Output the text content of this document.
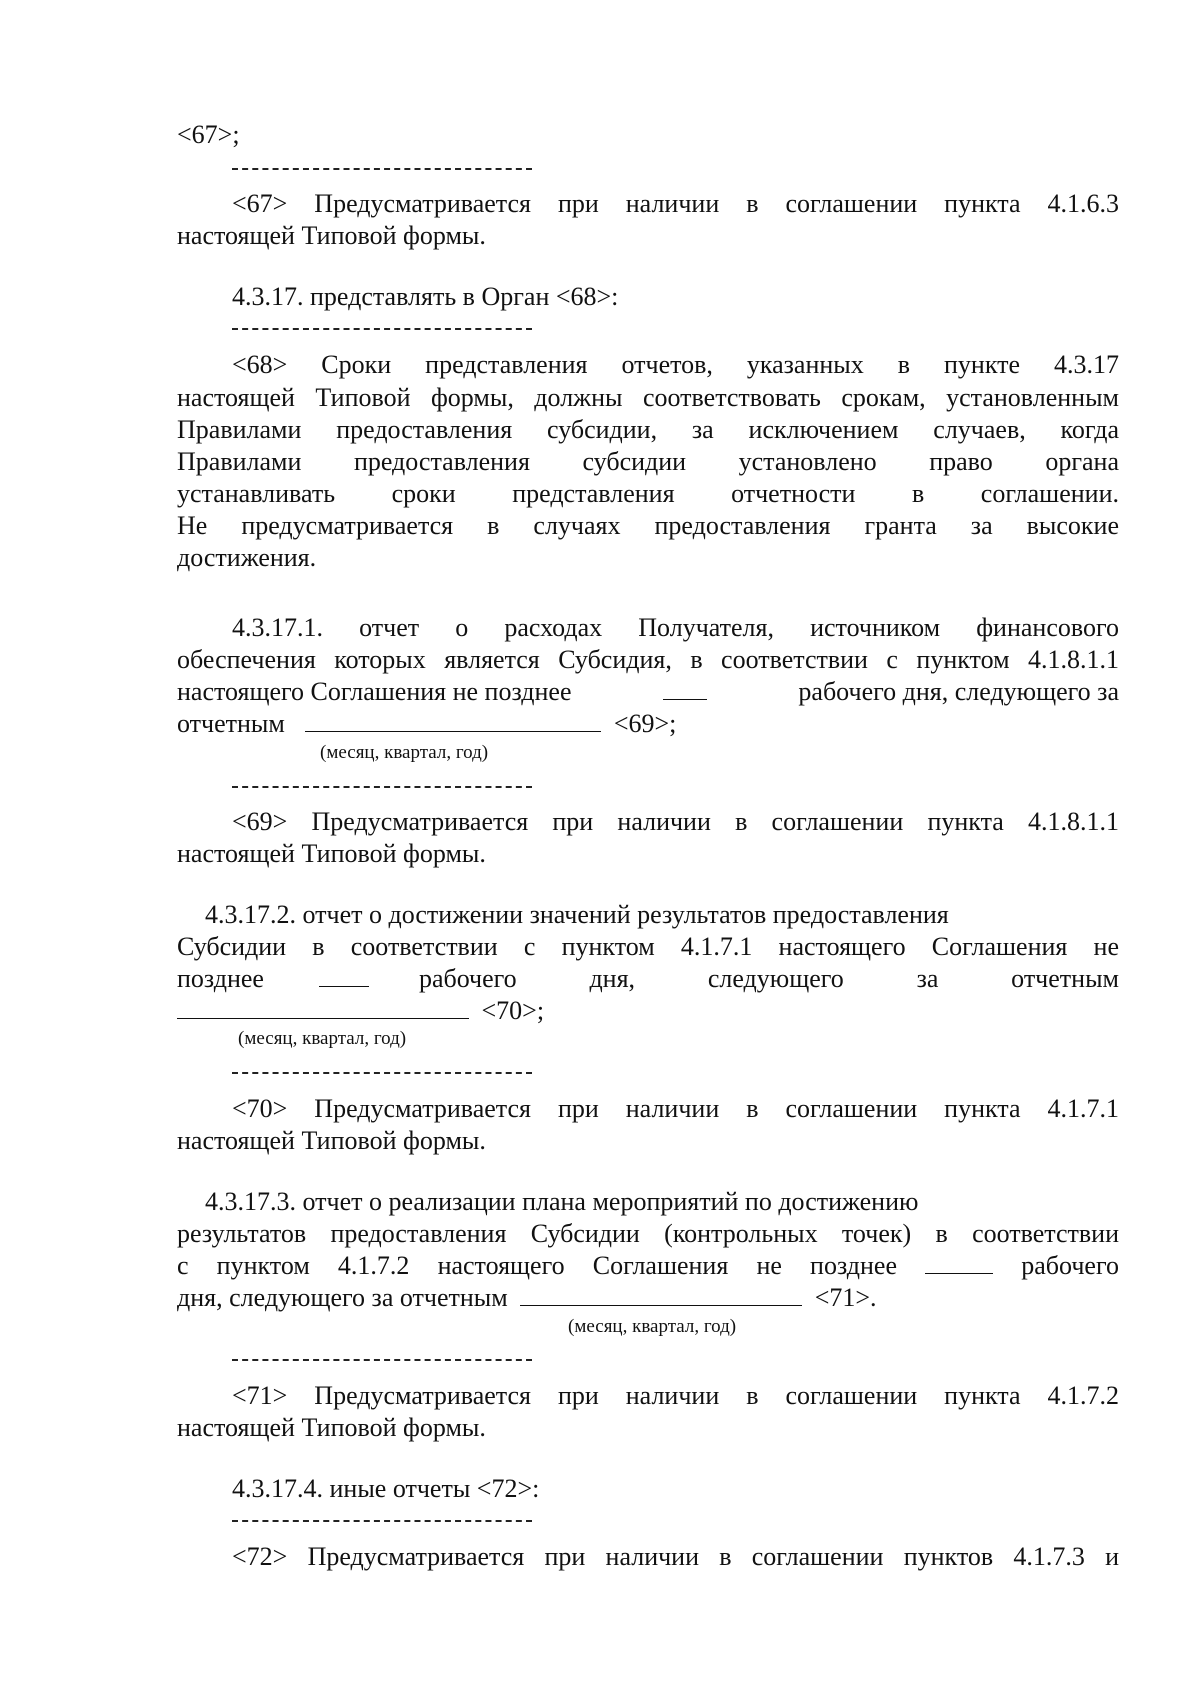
<67>;
<67> Предусматривается при наличии в соглашении пункта 4.1.6.3
настоящей Типовой формы.
4.3.17. представлять в Орган <68>:
<68> Сроки представления отчетов, указанных в пункте 4.3.17
настоящей Типовой формы, должны соответствовать срокам, установленным
Правилами предоставления субсидии, за исключением случаев, когда
Правилами предоставления субсидии установлено право органа
устанавливать сроки представления отчетности в соглашении.
Не предусматривается в случаях предоставления гранта за высокие
достижения.
4.3.17.1. отчет о расходах Получателя, источником финансового
обеспечения которых является Субсидия, в соответствии с пунктом 4.1.8.1.1
настоящего Соглашения не позднее	рабочего дня, следующего за
отчетным	<69>;
(месяц, квартал, год)
<69> Предусматривается при наличии в соглашении пункта 4.1.8.1.1
настоящей Типовой формы.
4.3.17.2. отчет о достижении значений результатов предоставления
Субсидии в соответствии с пунктом 4.1.7.1 настоящего Соглашения не
позднее	рабочего дня, следующего за отчетным
<70>;
(месяц, квартал, год)
<70> Предусматривается при наличии в соглашении пункта 4.1.7.1
настоящей Типовой формы.
4.3.17.3. отчет о реализации плана мероприятий по достижению
результатов предоставления Субсидии (контрольных точек) в соответствии
с пунктом 4.1.7.2 настоящего Соглашения не позднее	рабочего
дня, следующего за отчетным	<71>.
(месяц, квартал, год)
<71> Предусматривается при наличии в соглашении пункта 4.1.7.2
настоящей Типовой формы.
4.3.17.4. иные отчеты <72>:
<72> Предусматривается при наличии в соглашении пунктов 4.1.7.3 и
